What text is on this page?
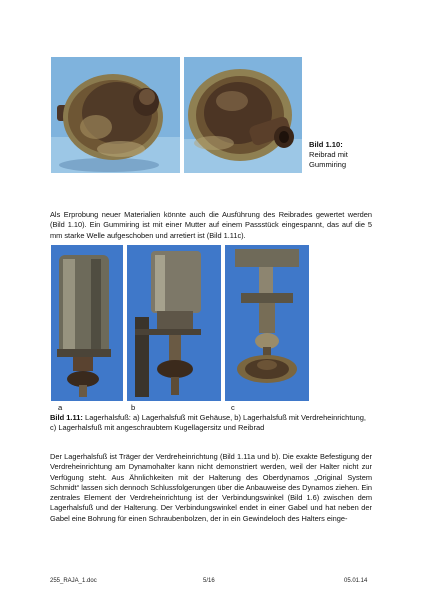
Bild 1.10: Reibrad mit Gummiring
Als Erprobung neuer Materialien könnte auch die Ausführung des Reibrades gewertet werden (Bild 1.10). Ein Gummiring ist mit einer Mutter auf einem Passstück eingespannt, das auf die 5 mm starke Welle aufgeschoben und arretiert ist (Bild 1.11c).
a	b	c
Bild 1.11: Lagerhalsfuß: a) Lagerhalsfuß mit Gehäuse, b) Lagerhalsfuß mit Verdreheinrichtung, c) Lagerhalsfuß mit angeschraubtem Kugellagersitz und Reibrad
Der Lagerhalsfuß ist Träger der Verdreheinrichtung (Bild 1.11a und b). Die exakte Befestigung der Verdreheinrichtung am Dynamohalter kann nicht demonstriert werden, weil der Halter nicht zur Verfügung steht. Aus Ähnlichkeiten mit der Halterung des Oberdynamos „Original System Schmidt“ lassen sich dennoch Schlussfolgerungen über die Anbauweise des Dynamos ziehen. Ein zentrales Element der Verdreheinrichtung ist der Verbindungswinkel (Bild 1.6) zwischen dem Lagerhalsfuß und der Halterung. Der Verbindungswinkel endet in einer Gabel und hat neben der Gabel eine Bohrung für einen Schraubenbolzen, der in ein Gewindeloch des Halters einge-
255_RAJA_1.doc	5/16	05.01.14
